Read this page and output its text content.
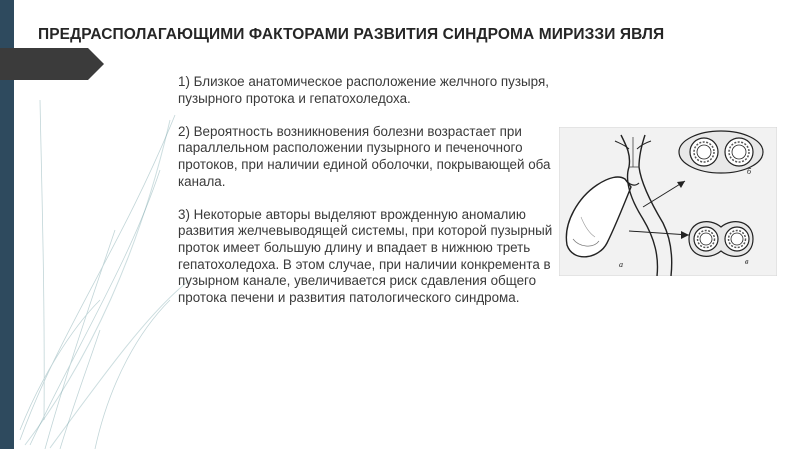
ПРЕДРАСПОЛАГАЮЩИМИ ФАКТОРАМИ РАЗВИТИЯ СИНДРОМА МИРИЗЗИ ЯВЛЯ

1) Близкое анатомическое расположение желчного пузыря, пузырного протока и гепатохоледоха.

2) Вероятность возникновения болезни возрастает при параллельном расположении пузырного и печеночного протоков, при наличии единой оболочки, покрывающей оба канала.

3) Некоторые авторы выделяют врожденную аномалию развития желчевыводящей системы, при которой пузырный проток имеет большую длину и впадает в нижнюю треть гепатохоледоха. В этом случае, при наличии конкремента в пузырном канале, увеличивается риск сдавления общего протока печени и развития патологического синдрома.

а
б
в
